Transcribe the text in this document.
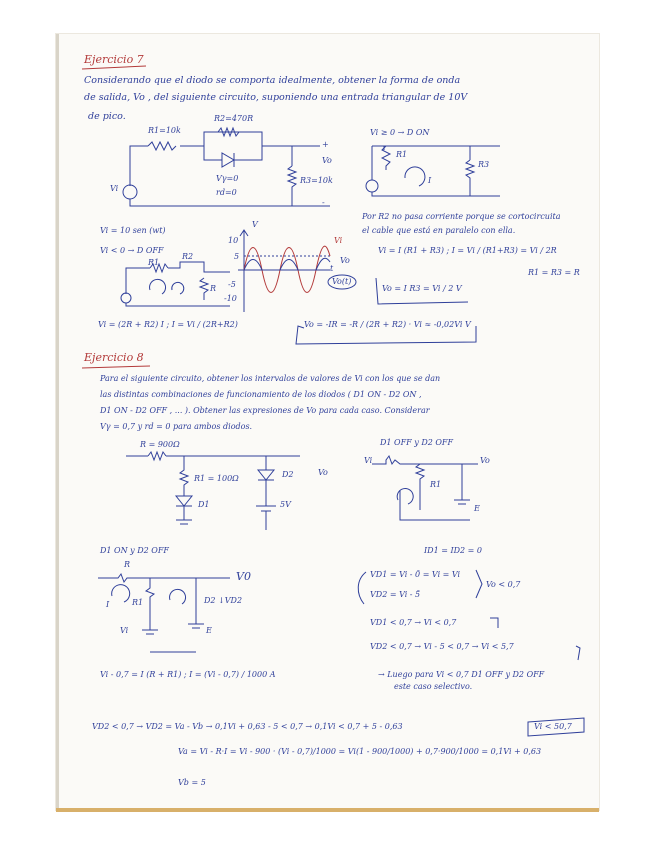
Ejercicio 7
Considerando que el diodo se comporta idealmente, obtener la forma de onda
de salida, Vo , del siguiente circuito, suponiendo una entrada triangular de 10V
de pico.
R1=10k
R2=470R
R3=10k
Vγ=0
rd=0
Vi
Vo
+
-
Vi ≥ 0 → D ON
R1
R3
I
Por R2 no pasa corriente porque se cortocircuita
el cable que está en paralelo con ella.
Vi = I (R1 + R3) ; I = Vi / (R1+R3) = Vi / 2R
R1 = R3 = R
Vo = I R3 = Vi / 2 V
Vi = 10 sen (wt)
Vi < 0 → D OFF
R1
R2
R
V
10
5
-5
-10
Vi
Vo
Vo(t)
t
Vi = (2R + R2) I ; I = Vi / (2R+R2)	Vo = -IR = -R / (2R + R2) · Vi ≈ -0,02Vi V
Ejercicio 8
Para el siguiente circuito, obtener los intervalos de valores de Vi con los que se dan
las distintas combinaciones de funcionamiento de los diodos ( D1 ON - D2 ON ,
D1 ON - D2 OFF , ... ). Obtener las expresiones de Vo para cada caso. Considerar
Vγ = 0,7 y rd = 0 para ambos diodos.
R = 900Ω
R1 = 100Ω
D1
D2
5V
Vo
D1 OFF y D2 OFF
R1
Vi	Vo
E
ID1 = ID2 = 0
D1 ON y D2 OFF
R
R1
E
V0
D2 ↓VD2
I
Vi
VD1 = Vi - 0̄ = Vi = Vi
VD2 = Vi - 5̄
Vo < 0,7
VD1 < 0,7 → Vi < 0,7
VD2 < 0,7 → Vi - 5 < 0,7 → Vi < 5,7
→ Luego para Vi < 0,7 D1 OFF y D2 OFF
este caso selectivo.
Vi - 0,7 = I (R + R1) ; I = (Vi - 0,7) / 1000 A
VD2 < 0,7 → VD2 = Va - Vb → 0,1Vi + 0,63 - 5 < 0,7 → 0,1Vi < 0,7 + 5 - 0,63	Vi < 50,7
Va = Vi - R·I = Vi - 900 · (Vi - 0,7)/1000 = Vi(1 - 900/1000) + 0,7·900/1000 = 0,1Vi + 0,63
Vb = 5
